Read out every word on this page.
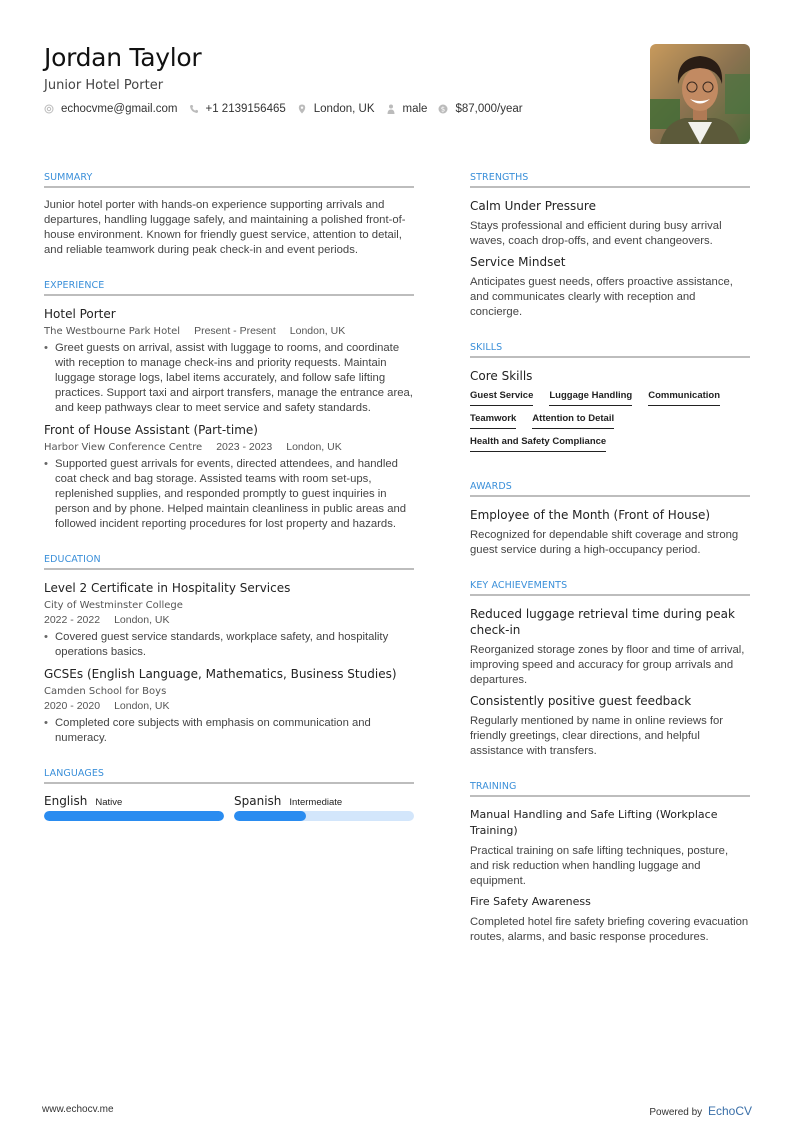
Jordan Taylor
Junior Hotel Porter
echocvme@gmail.com +1 2139156465 London, UK male $ $87,000/year
SUMMARY

Junior hotel porter with hands-on experience supporting arrivals and departures, handling luggage safely, and maintaining a polished front-of-house environment. Known for friendly guest service, attention to detail, and reliable teamwork during peak check-in and event periods.

EXPERIENCE
Hotel Porter
The Westbourne Park Hotel Present - Present London, UK
• Greet guests on arrival, assist with luggage to rooms, and coordinate with reception to manage check-ins and priority requests. Maintain luggage storage logs, label items accurately, and follow safe lifting practices. Support taxi and airport transfers, manage the entrance area, and keep pathways clear to meet service and safety standards.
Front of House Assistant (Part-time)
Harbor View Conference Centre 2023 - 2023 London, UK
• Supported guest arrivals for events, directed attendees, and handled coat check and bag storage. Assisted teams with room set-ups, replenished supplies, and responded promptly to guest inquiries in person and by phone. Helped maintain cleanliness in public areas and followed incident reporting procedures for lost property and hazards.
EDUCATION
Level 2 Certificate in Hospitality Services
City of Westminster College
2022 - 2022 London, UK
• Covered guest service standards, workplace safety, and hospitality operations basics.
GCSEs (English Language, Mathematics, Business Studies)
Camden School for Boys
2020 - 2020 London, UK
• Completed core subjects with emphasis on communication and numeracy.
LANGUAGES
English Native	Spanish Intermediate
STRENGTHS
Calm Under Pressure

Stays professional and efficient during busy arrival waves, coach drop-offs, and event changeovers.

Service Mindset

Anticipates guest needs, offers proactive assistance, and communicates clearly with reception and concierge.

SKILLS
Core Skills
Guest Service Luggage Handling Communication
Teamwork Attention to Detail
Health and Safety Compliance
AWARDS
Employee of the Month (Front of House)

Recognized for dependable shift coverage and strong guest service during a high-occupancy period.

KEY ACHIEVEMENTS
Reduced luggage retrieval time during peak check-in

Reorganized storage zones by floor and time of arrival, improving speed and accuracy for group arrivals and departures.

Consistently positive guest feedback

Regularly mentioned by name in online reviews for friendly greetings, clear directions, and helpful assistance with transfers.

TRAINING
Manual Handling and Safe Lifting (Workplace Training)

Practical training on safe lifting techniques, posture, and risk reduction when handling luggage and equipment.

Fire Safety Awareness

Completed hotel fire safety briefing covering evacuation routes, alarms, and basic response procedures.

www.echocv.me	Powered by EchoCV
